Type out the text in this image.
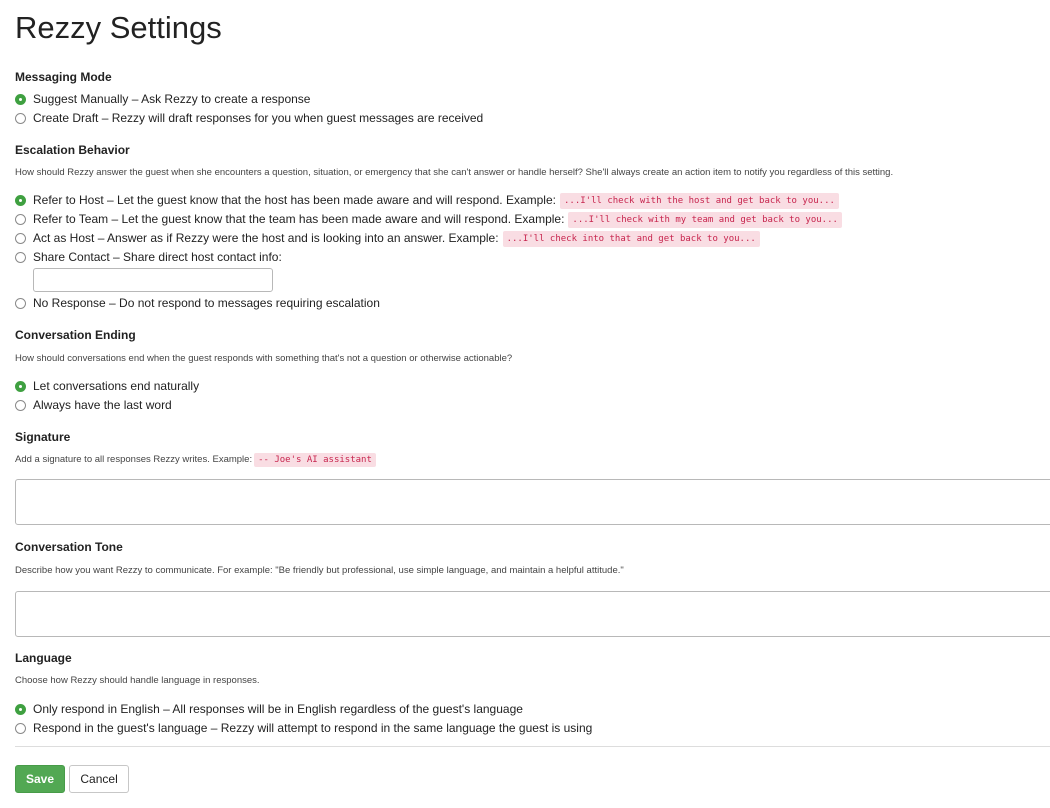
Rezzy Settings

Messaging Mode

Suggest Manually – Ask Rezzy to create a response
Create Draft – Rezzy will draft responses for you when guest messages are received

Escalation Behavior

How should Rezzy answer the guest when she encounters a question, situation, or emergency that she can't answer or handle herself? She'll always create an action item to notify you regardless of this setting.

Refer to Host – Let the guest know that the host has been made aware and will respond. Example: ...I'll check with the host and get back to you...
Refer to Team – Let the guest know that the team has been made aware and will respond. Example: ...I'll check with my team and get back to you...
Act as Host – Answer as if Rezzy were the host and is looking into an answer. Example: ...I'll check into that and get back to you...
Share Contact – Share direct host contact info:
No Response – Do not respond to messages requiring escalation

Conversation Ending

How should conversations end when the guest responds with something that's not a question or otherwise actionable?

Let conversations end naturally
Always have the last word

Signature

Add a signature to all responses Rezzy writes. Example: -- Joe's AI assistant

Conversation Tone

Describe how you want Rezzy to communicate. For example: "Be friendly but professional, use simple language, and maintain a helpful attitude."

Language

Choose how Rezzy should handle language in responses.

Only respond in English – All responses will be in English regardless of the guest's language
Respond in the guest's language – Rezzy will attempt to respond in the same language the guest is using
Save Cancel
